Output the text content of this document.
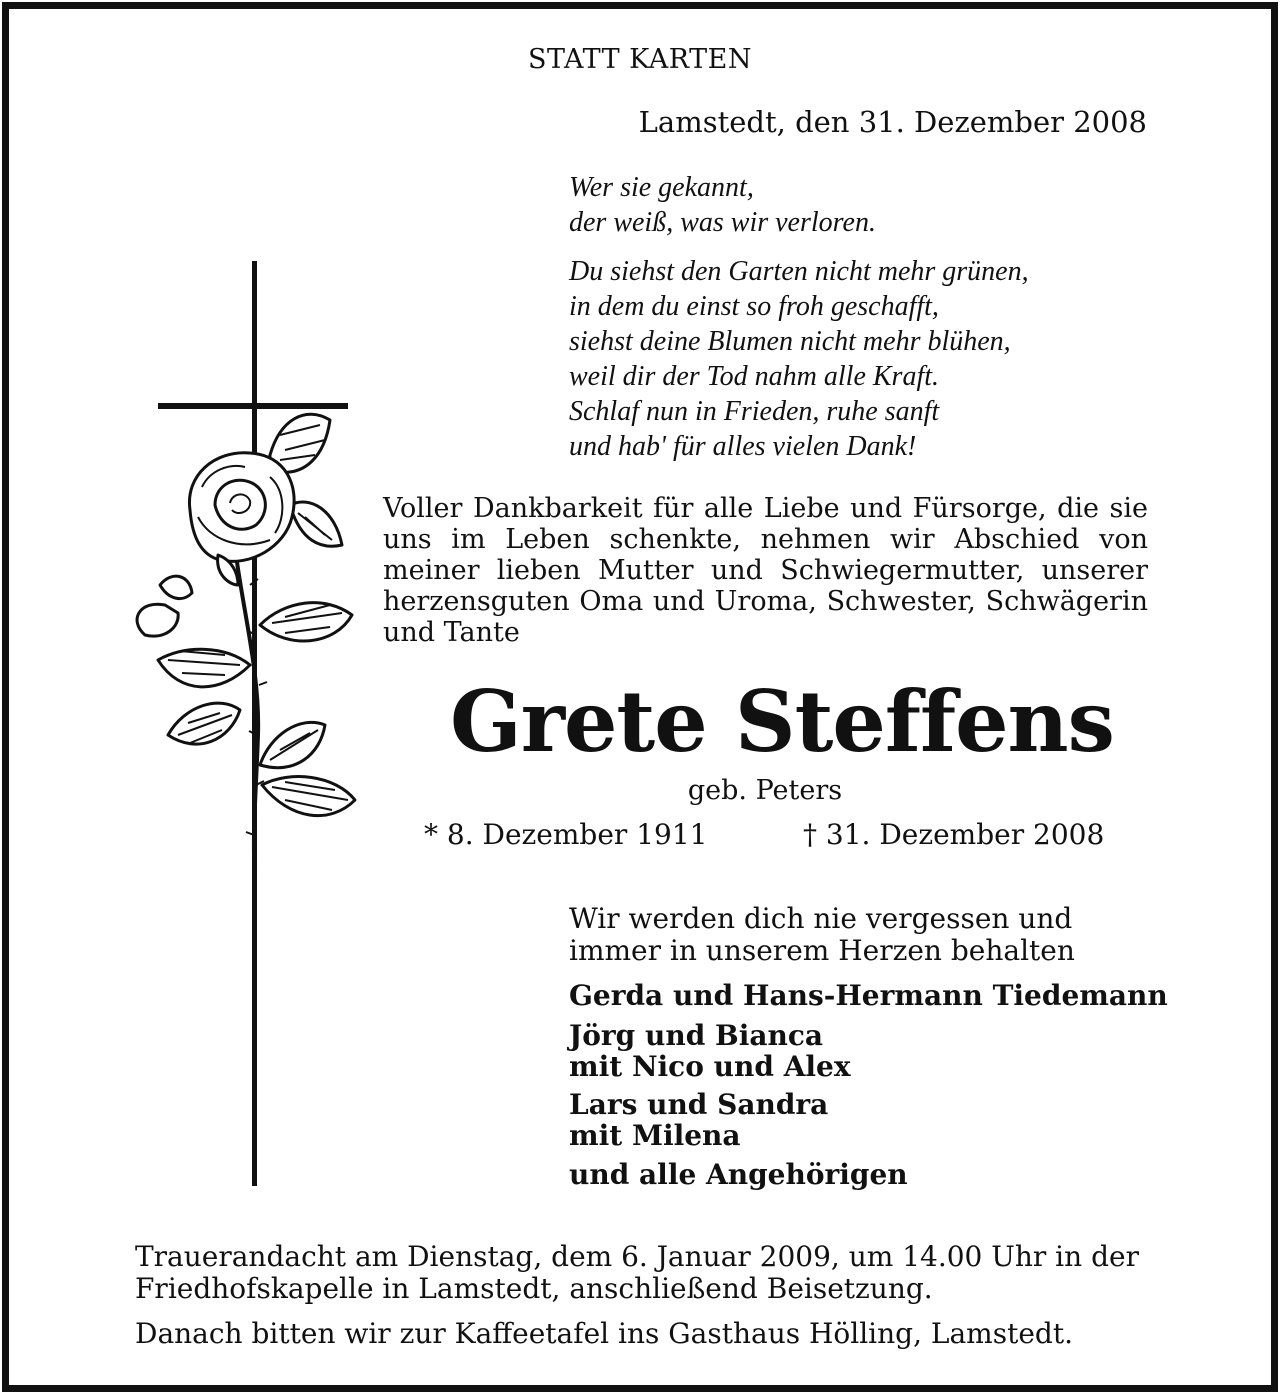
STATT KARTEN
Lamstedt, den 31. Dezember 2008
Wer sie gekannt,
der weiß, was wir verloren.
Du siehst den Garten nicht mehr grünen,
in dem du einst so froh geschafft,
siehst deine Blumen nicht mehr blühen,
weil dir der Tod nahm alle Kraft.
Schlaf nun in Frieden, ruhe sanft
und hab' für alles vielen Dank!
Voller Dankbarkeit für alle Liebe und Fürsorge, die sie uns im Leben schenkte, nehmen wir Abschied von meiner lieben Mutter und Schwiegermutter, unserer herzensguten Oma und Uroma, Schwester, Schwägerin und Tante
Grete Steffens
geb. Peters
* 8. Dezember 1911	† 31. Dezember 2008
Wir werden dich nie vergessen und
immer in unserem Herzen behalten
Gerda und Hans-Hermann Tiedemann
Jörg und Bianca
mit Nico und Alex
Lars und Sandra
mit Milena
und alle Angehörigen
Trauerandacht am Dienstag, dem 6. Januar 2009, um 14.00 Uhr in der
Friedhofskapelle in Lamstedt, anschließend Beisetzung.
Danach bitten wir zur Kaffeetafel ins Gasthaus Hölling, Lamstedt.
